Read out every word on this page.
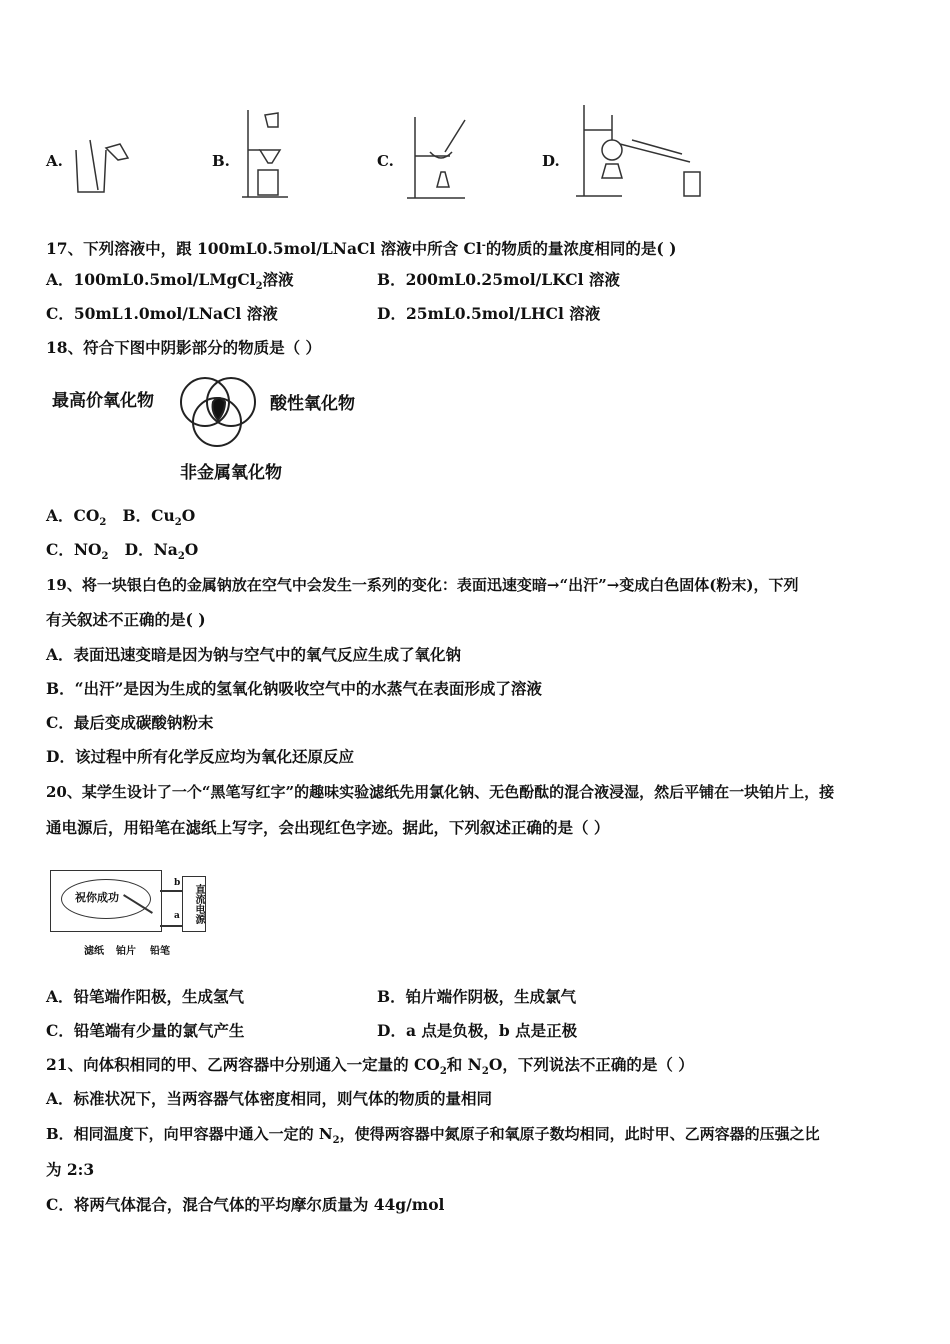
A.	B.	C.	D.
17、下列溶液中，跟 100mL0.5mol/LNaCl 溶液中所含 Cl-的物质的量浓度相同的是( )
A．100mL0.5mol/LMgCl$_2$溶液	B．200mL0.25mol/LKCl 溶液
C．50mL1.0mol/LNaCl 溶液	D．25mL0.5mol/LHCl 溶液
18、符合下图中阴影部分的物质是（ ）
最高价氧化物	酸性氧化物
非金属氧化物
A．$CO_2$   B．$Cu_2O$
C．$NO_2$   D．$Na_2O$
19、将一块银白色的金属钠放在空气中会发生一系列的变化：表面迅速变暗→“出汗”→变成白色固体(粉末)，下列
有关叙述不正确的是( )
A．表面迅速变暗是因为钠与空气中的氧气反应生成了氧化钠
B．“出汗”是因为生成的氢氧化钠吸收空气中的水蒸气在表面形成了溶液
C．最后变成碳酸钠粉末
D．该过程中所有化学反应均为氧化还原反应
20、某学生设计了一个“黑笔写红字”的趣味实验滤纸先用氯化钠、无色酚酞的混合液浸湿，然后平铺在一块铂片上，接
通电源后，用铅笔在滤纸上写字，会出现红色字迹。据此，下列叙述正确的是（ ）
祝你成功
b
a	直流电源
滤纸 铂片 铅笔
A．铅笔端作阳极，生成氢气	B．铂片端作阴极，生成氯气
C．铅笔端有少量的氯气产生	D．a 点是负极，b 点是正极
21、向体积相同的甲、乙两容器中分别通入一定量的 $CO_2$和 $N_2O$，下列说法不正确的是（ ）
A．标准状况下，当两容器气体密度相同，则气体的物质的量相同
B．相同温度下，向甲容器中通入一定的 $N_2$，使得两容器中氮原子和氧原子数均相同，此时甲、乙两容器的压强之比
为 2:3
C．将两气体混合，混合气体的平均摩尔质量为 44g/mol
